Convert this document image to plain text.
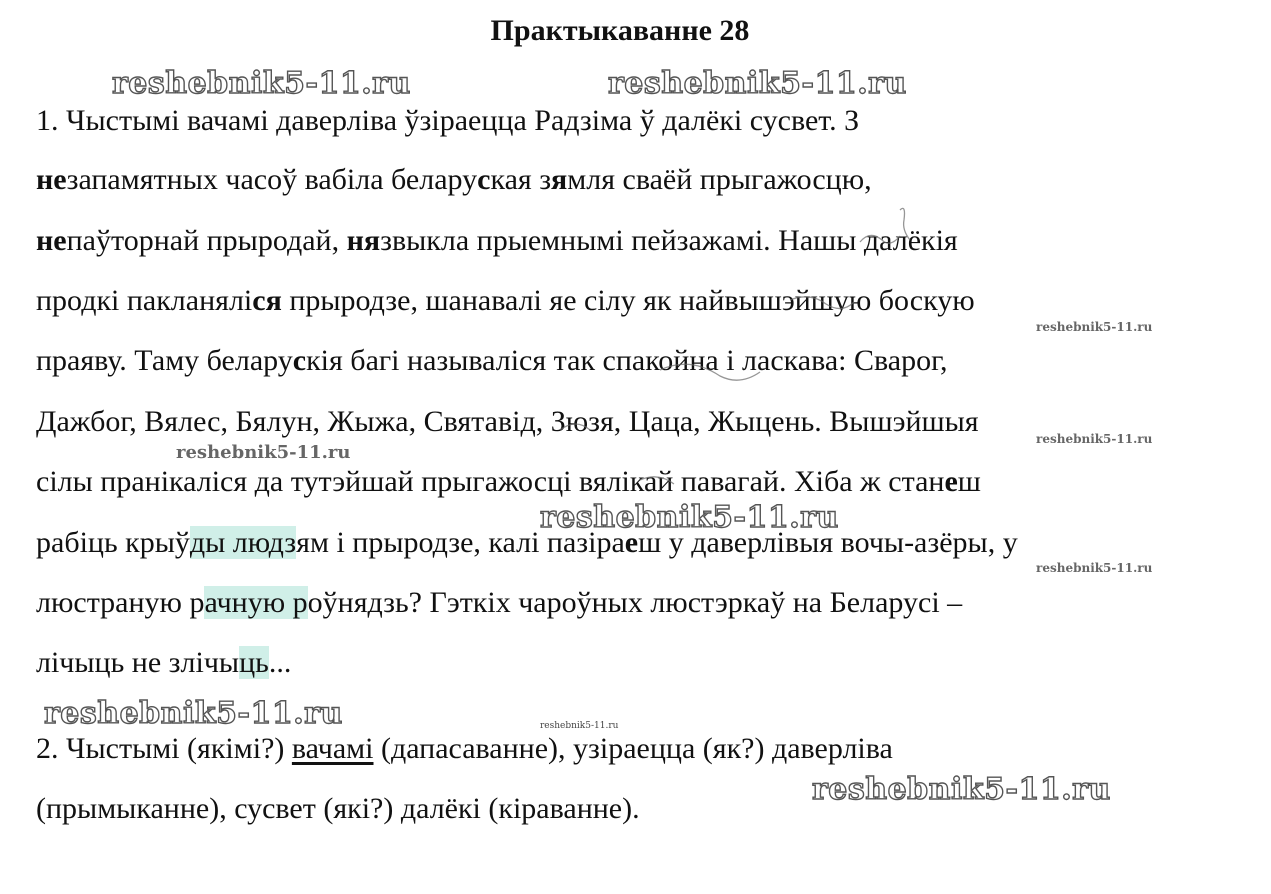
Практыкаванне 28
reshebnik5-11.ru	reshebnik5-11.ru
reshebnik5-11.ru
reshebnik5-11.ru
reshebnik5-11.ru
reshebnik5-11.ru
reshebnik5-11.ru
reshebnik5-11.ru	reshebnik5-11.ru
reshebnik5-11.ru
1. Чыстымі вачамі даверліва ўзіраецца Радзіма ў далёкі сусвет. З
незапамятных часоў вабіла беларуская зямля сваёй прыгажосцю,
непаўторнай прыродай, нязвыкла прыемнымі пейзажамі. Нашы далёкія
продкі пакланяліся прыродзе, шанавалі яе сілу як найвышэйшую боскую
праяву. Таму беларускія багі называліся так спакойна і ласкава: Сварог,
Дажбог, Вялес, Бялун, Жыжа, Святавід, Зюзя, Цаца, Жыцень. Вышэйшыя
сілы пранікаліся да тутэйшай прыгажосці вялікай павагай. Хіба ж станеш
рабіць крыўды людзям і прыродзе, калі пазіраеш у даверлівыя вочы-азёры, у
люстраную рачную роўнядзь? Гэткіх чароўных люстэркаў на Беларусі –
лічыць не злічыць...
2. Чыстымі (якімі?) вачамі (дапасаванне), узіраецца (як?) даверліва
(прымыканне), сусвет (які?) далёкі (кіраванне).
